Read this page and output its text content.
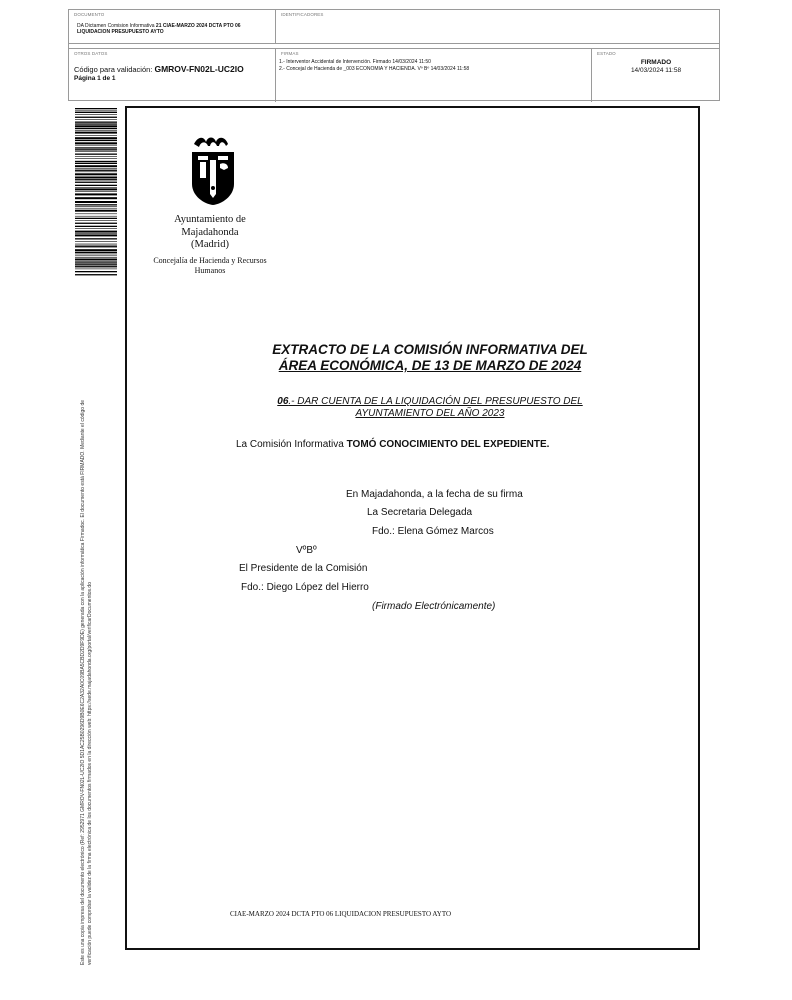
DOCUMENTO
DA Dictamen Comision Informativa 21 CIAE-MARZO 2024 DCTA PTO 06
LIQUIDACION PRESUPUESTO AYTO
IDENTIFICADORES
OTROS DATOS
Código para validación: GMROV-FN02L-UC2IO
Página 1 de 1
FIRMAS
1.- Interventor Accidental de Intervención. Firmado 14/03/2024 11:50
2.- Concejal de Hacienda de _003 ECONOMIA Y HACIENDA. Vº Bº 14/03/2024 11:58
ESTADO
FIRMADO
14/03/2024 11:58
Este es una copia impresa del documento electrónico (Ref: 2952971 GMROV-FN02L-UC2IO 5D1AC25B0296D9B0E6C2A32A0C09BA5CBD2D9F9DE) generada con la aplicación informática Firmadoc. El documento está FIRMADO. Mediante el código de verificación puede comprobar la validez de la firma electrónica de los documentos firmados en la dirección web: https://sede.majadahonda.org/portal/verificarDocumentos.do
Ayuntamiento de
Majadahonda
(Madrid)
Concejalía de Hacienda y Recursos
Humanos
EXTRACTO DE LA COMISIÓN INFORMATIVA DEL
ÁREA ECONÓMICA, DE 13 DE MARZO DE 2024
06.- DAR CUENTA DE LA LIQUIDACIÓN DEL PRESUPUESTO DEL
AYUNTAMIENTO DEL AÑO 2023
La Comisión Informativa TOMÓ CONOCIMIENTO DEL EXPEDIENTE.
En Majadahonda, a la fecha de su firma
La Secretaria Delegada
Fdo.: Elena Gómez Marcos
VºBº
El Presidente de la Comisión
Fdo.: Diego López del Hierro
(Firmado Electrónicamente)
CIAE-MARZO 2024 DCTA PTO 06 LIQUIDACION PRESUPUESTO AYTO
